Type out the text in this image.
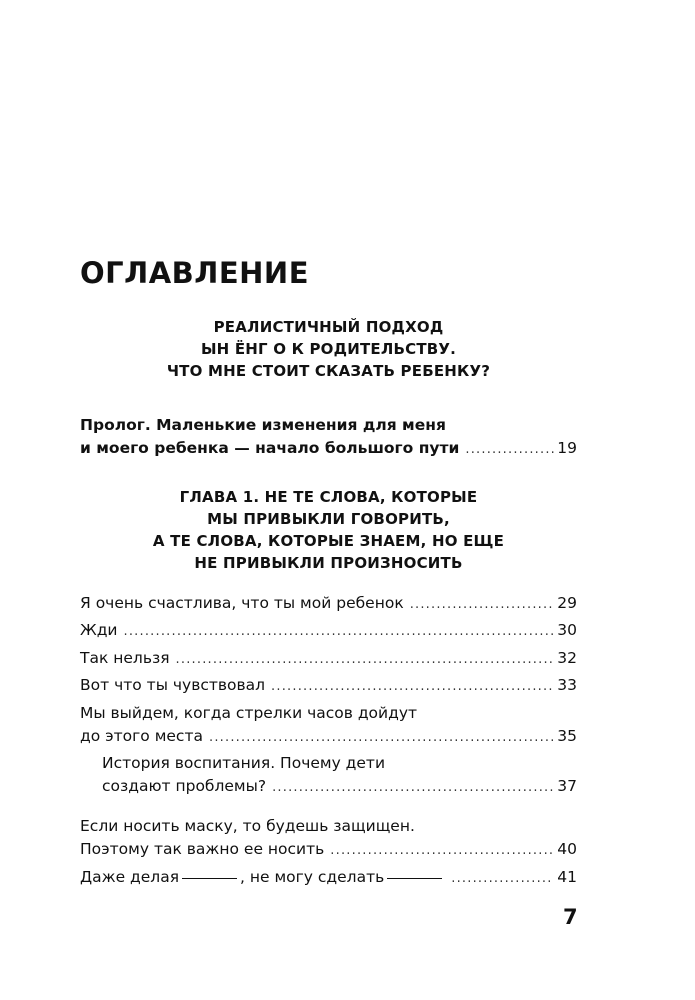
ОГЛАВЛЕНИЕ
РЕАЛИСТИЧНЫЙ ПОДХОД
ЫН ЁНГ О К РОДИТЕЛЬСТВУ.
ЧТО МНЕ СТОИТ СКАЗАТЬ РЕБЕНКУ?
Пролог. Маленькие изменения для меня
и моего ребенка — начало большого пути .....	19
ГЛАВА 1. НЕ ТЕ СЛОВА, КОТОРЫЕ
МЫ ПРИВЫКЛИ ГОВОРИТЬ,
А ТЕ СЛОВА, КОТОРЫЕ ЗНАЕМ, НО ЕЩЕ
НЕ ПРИВЫКЛИ ПРОИЗНОСИТЬ
Я очень счастлива, что ты мой ребенок .....	29
Жди .....	30
Так нельзя .....	32
Вот что ты чувствовал .....	33
Мы выйдем, когда стрелки часов дойдут
до этого места .....	35
История воспитания. Почему дети
создают проблемы? .....	37
Если носить маску, то будешь защищен.
Поэтому так важно ее носить .....	40
Даже делая	, не могу сделать .....	41
7
